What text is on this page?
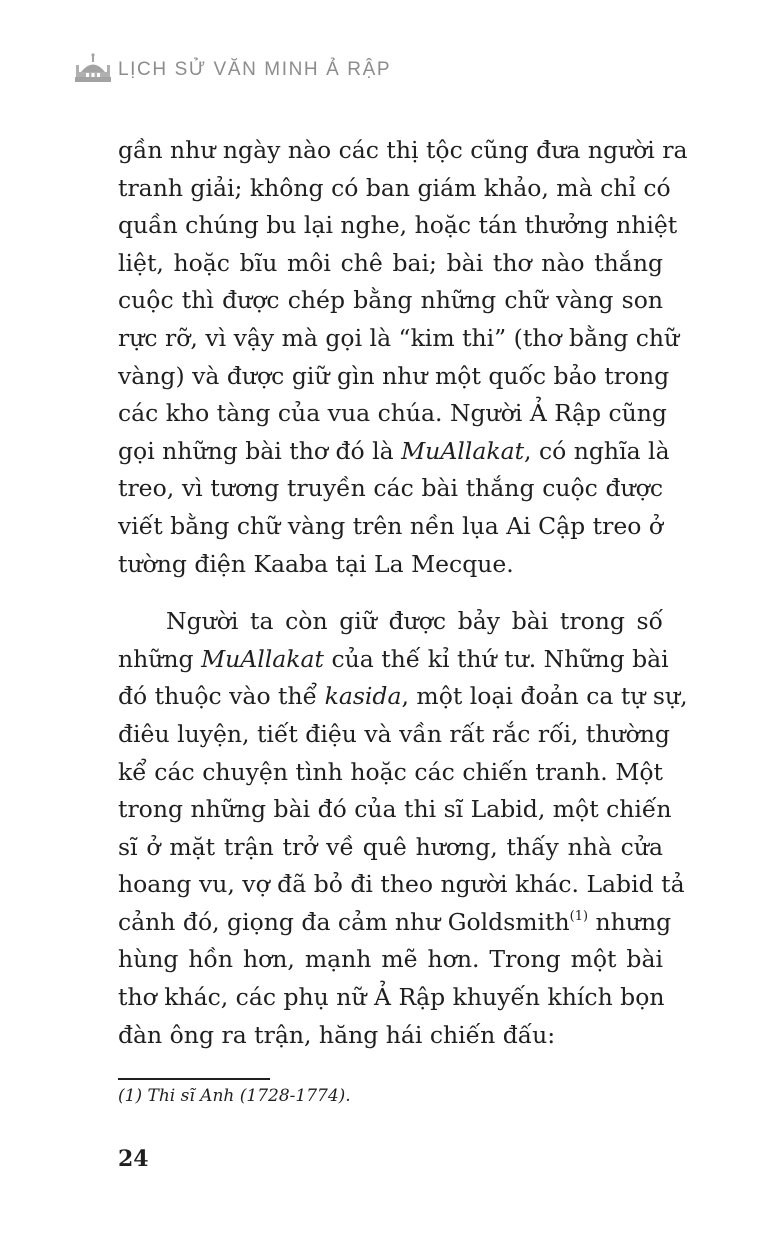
LỊCH SỬ VĂN MINH Ả RẬP
gần như ngày nào các thị tộc cũng đưa người ra
tranh giải; không có ban giám khảo, mà chỉ có
quần chúng bu lại nghe, hoặc tán thưởng nhiệt
liệt, hoặc bĩu môi chê bai; bài thơ nào thắng
cuộc thì được chép bằng những chữ vàng son
rực rỡ, vì vậy mà gọi là “kim thi” (thơ bằng chữ
vàng) và được giữ gìn như một quốc bảo trong
các kho tàng của vua chúa. Người Ả Rập cũng
gọi những bài thơ đó là MuAllakat, có nghĩa là
treo, vì tương truyền các bài thắng cuộc được
viết bằng chữ vàng trên nền lụa Ai Cập treo ở
tường điện Kaaba tại La Mecque.
Người ta còn giữ được bảy bài trong số
những MuAllakat của thế kỉ thứ tư. Những bài
đó thuộc vào thể kasida, một loại đoản ca tự sự,
điêu luyện, tiết điệu và vần rất rắc rối, thường
kể các chuyện tình hoặc các chiến tranh. Một
trong những bài đó của thi sĩ Labid, một chiến
sĩ ở mặt trận trở về quê hương, thấy nhà cửa
hoang vu, vợ đã bỏ đi theo người khác. Labid tả
cảnh đó, giọng đa cảm như Goldsmith$^{(1)}$ nhưng
hùng hồn hơn, mạnh mẽ hơn. Trong một bài
thơ khác, các phụ nữ Ả Rập khuyến khích bọn
đàn ông ra trận, hăng hái chiến đấu:
(1) Thi sĩ Anh (1728-1774).
24
